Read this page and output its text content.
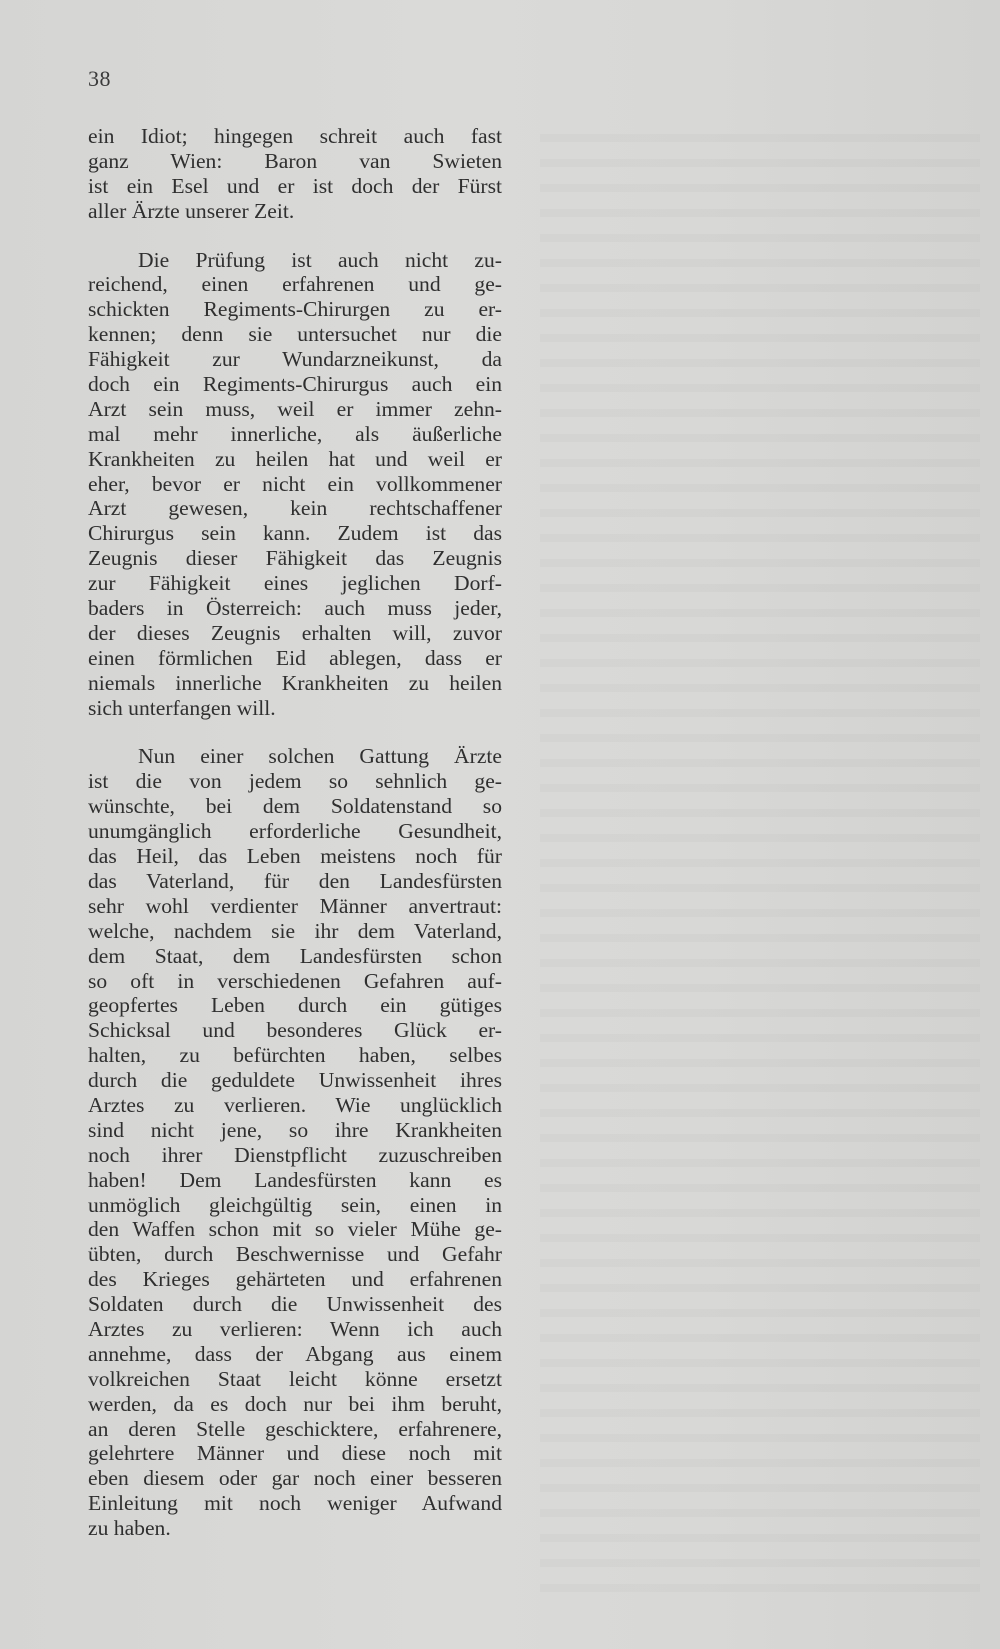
38
ein Idiot; hingegen schreit auch fast
ganz Wien: Baron van Swieten
ist ein Esel und er ist doch der Fürst
aller Ärzte unserer Zeit.
Die Prüfung ist auch nicht zu-
reichend, einen erfahrenen und ge-
schickten Regiments-Chirurgen zu er-
kennen; denn sie untersuchet nur die
Fähigkeit zur Wundarzneikunst, da
doch ein Regiments-Chirurgus auch ein
Arzt sein muss, weil er immer zehn-
mal mehr innerliche, als äußerliche
Krankheiten zu heilen hat und weil er
eher, bevor er nicht ein vollkommener
Arzt gewesen, kein rechtschaffener
Chirurgus sein kann. Zudem ist das
Zeugnis dieser Fähigkeit das Zeugnis
zur Fähigkeit eines jeglichen Dorf-
baders in Österreich: auch muss jeder,
der dieses Zeugnis erhalten will, zuvor
einen förmlichen Eid ablegen, dass er
niemals innerliche Krankheiten zu heilen
sich unterfangen will.
Nun einer solchen Gattung Ärzte
ist die von jedem so sehnlich ge-
wünschte, bei dem Soldatenstand so
unumgänglich erforderliche Gesundheit,
das Heil, das Leben meistens noch für
das Vaterland, für den Landesfürsten
sehr wohl verdienter Männer anvertraut:
welche, nachdem sie ihr dem Vaterland,
dem Staat, dem Landesfürsten schon
so oft in verschiedenen Gefahren auf-
geopfertes Leben durch ein gütiges
Schicksal und besonderes Glück er-
halten, zu befürchten haben, selbes
durch die geduldete Unwissenheit ihres
Arztes zu verlieren. Wie unglücklich
sind nicht jene, so ihre Krankheiten
noch ihrer Dienstpflicht zuzuschreiben
haben! Dem Landesfürsten kann es
unmöglich gleichgültig sein, einen in
den Waffen schon mit so vieler Mühe ge-
übten, durch Beschwernisse und Gefahr
des Krieges gehärteten und erfahrenen
Soldaten durch die Unwissenheit des
Arztes zu verlieren: Wenn ich auch
annehme, dass der Abgang aus einem
volkreichen Staat leicht könne ersetzt
werden, da es doch nur bei ihm beruht,
an deren Stelle geschicktere, erfahrenere,
gelehrtere Männer und diese noch mit
eben diesem oder gar noch einer besseren
Einleitung mit noch weniger Aufwand
zu haben.
